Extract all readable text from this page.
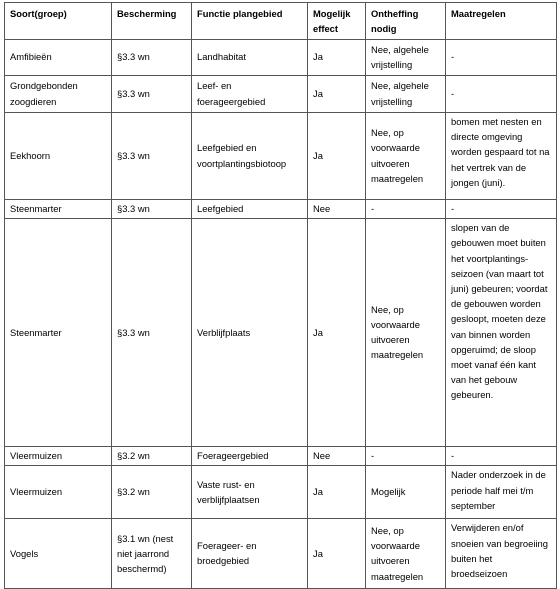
Soort(groep)	Bescherming	Functie plangebied	Mogelijk effect	Ontheffing nodig	Maatregelen
Amfibieën	§3.3 wn	Landhabitat	Ja	Nee, algehele vrijstelling	-
Grondgebonden zoogdieren	§3.3 wn	Leef- en foerageergebied	Ja	Nee, algehele vrijstelling	-
Eekhoorn	§3.3 wn	Leefgebied en voortplantingsbiotoop	Ja	Nee, op voorwaarde uitvoeren maatregelen	bomen met nesten en directe omgeving worden gespaard tot na het vertrek van de jongen (juni).
Steenmarter	§3.3 wn	Leefgebied	Nee	-	-
Steenmarter	§3.3 wn	Verblijfplaats	Ja	Nee, op voorwaarde uitvoeren maatregelen	slopen van de gebouwen moet buiten het voortplantings-seizoen (van maart tot juni) gebeuren; voordat de gebouwen worden gesloopt, moeten deze van binnen worden opgeruimd; de sloop moet vanaf één kant van het gebouw gebeuren.
Vleermuizen	§3.2 wn	Foerageergebied	Nee	-	-
Vleermuizen	§3.2 wn	Vaste rust- en verblijfplaatsen	Ja	Mogelijk	Nader onderzoek in de periode half mei t/m september
Vogels	§3.1 wn (nest niet jaarrond beschermd)	Foerageer- en broedgebied	Ja	Nee, op voorwaarde uitvoeren maatregelen	Verwijderen en/of snoeien van begroeiing buiten het broedseizoen
